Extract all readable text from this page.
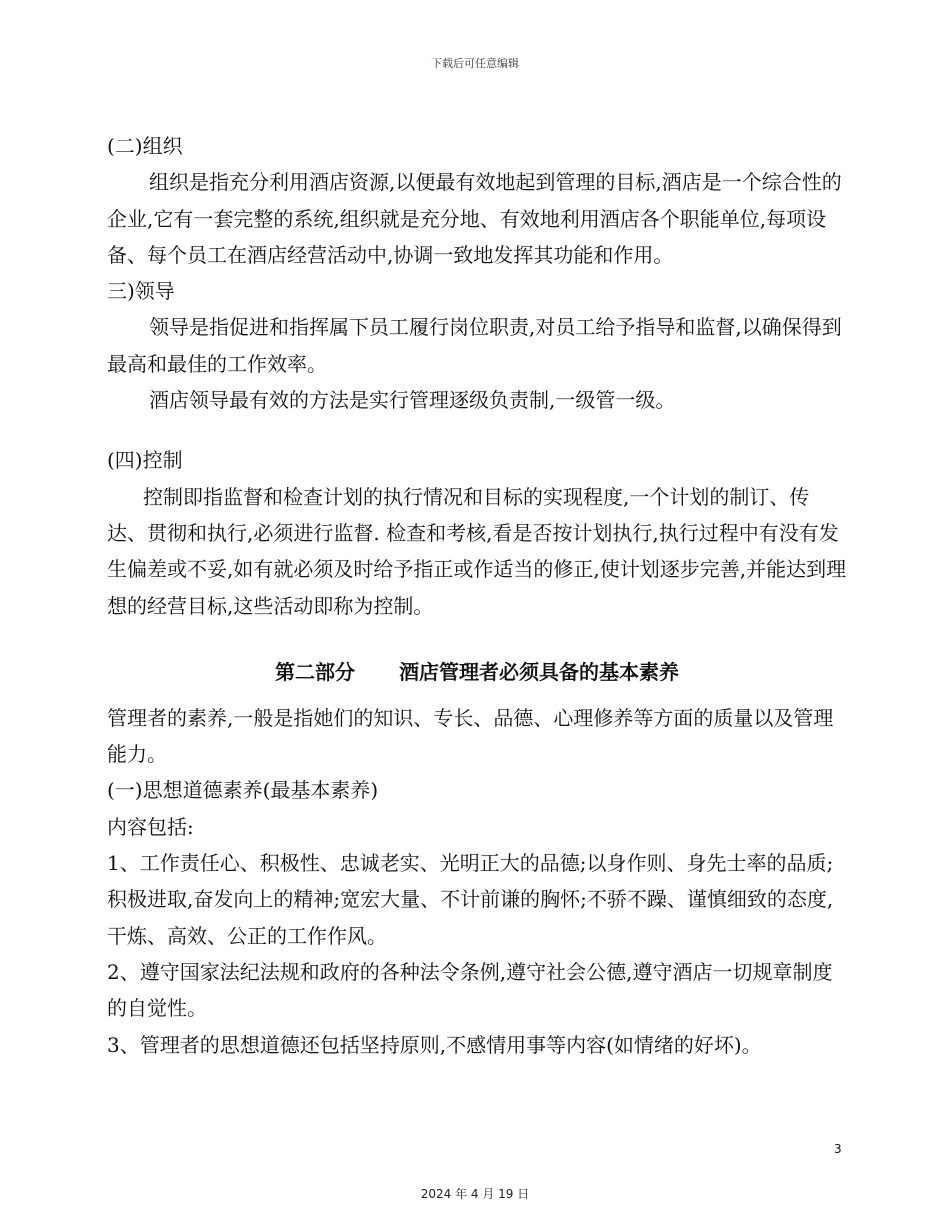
下载后可任意编辑

(二)组织

组织是指充分利用酒店资源,以便最有效地起到管理的目标,酒店是一个综合性的企业,它有一套完整的系统,组织就是充分地、有效地利用酒店各个职能单位,每项设备、每个员工在酒店经营活动中,协调一致地发挥其功能和作用。

三)领导

领导是指促进和指挥属下员工履行岗位职责,对员工给予指导和监督,以确保得到最高和最佳的工作效率。

酒店领导最有效的方法是实行管理逐级负责制,一级管一级。

(四)控制

控制即指监督和检查计划的执行情况和目标的实现程度,一个计划的制订、传达、贯彻和执行,必须进行监督. 检查和考核,看是否按计划执行,执行过程中有没有发生偏差或不妥,如有就必须及时给予指正或作适当的修正,使计划逐步完善,并能达到理想的经营目标,这些活动即称为控制。

第二部分 酒店管理者必须具备的基本素养

管理者的素养,一般是指她们的知识、专长、品德、心理修养等方面的质量以及管理能力。

(一)思想道德素养(最基本素养)

内容包括:

1、工作责任心、积极性、忠诚老实、光明正大的品德;以身作则、身先士率的品质;积极进取,奋发向上的精神;宽宏大量、不计前谦的胸怀;不骄不躁、谨慎细致的态度,干炼、高效、公正的工作作风。

2、遵守国家法纪法规和政府的各种法令条例,遵守社会公德,遵守酒店一切规章制度的自觉性。

3、管理者的思想道德还包括坚持原则,不感情用事等内容(如情绪的好坏)。

3
2024 年 4 月 19 日
